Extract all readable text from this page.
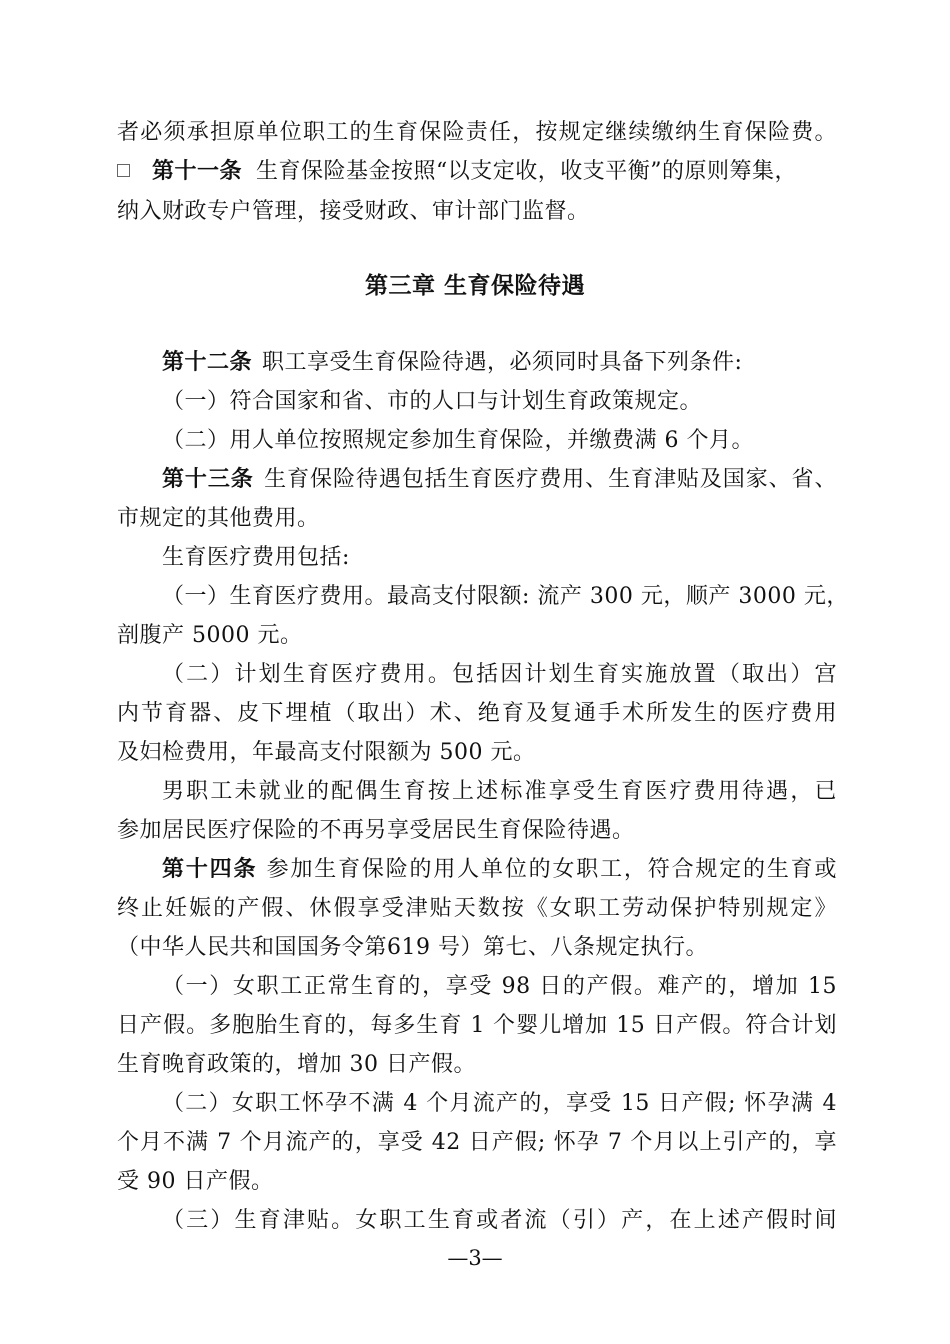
者必须承担原单位职工的生育保险责任，按规定继续缴纳生育保险费。
第十一条 生育保险基金按照“以支定收，收支平衡”的原则筹集，
纳入财政专户管理，接受财政、审计部门监督。
第三章 生育保险待遇
第十二条 职工享受生育保险待遇，必须同时具备下列条件:
（一）符合国家和省、市的人口与计划生育政策规定。
（二）用人单位按照规定参加生育保险，并缴费满 6 个月。
第十三条 生育保险待遇包括生育医疗费用、生育津贴及国家、省、
市规定的其他费用。
生育医疗费用包括:
（一）生育医疗费用。最高支付限额: 流产 300 元，顺产 3000 元，
剖腹产 5000 元。
（二）计划生育医疗费用。包括因计划生育实施放置（取出）宫
内节育器、皮下埋植（取出）术、绝育及复通手术所发生的医疗费用
及妇检费用，年最高支付限额为 500 元。
男职工未就业的配偶生育按上述标准享受生育医疗费用待遇，已
参加居民医疗保险的不再另享受居民生育保险待遇。
第十四条 参加生育保险的用人单位的女职工，符合规定的生育或
终止妊娠的产假、休假享受津贴天数按《女职工劳动保护特别规定》
（中华人民共和国国务令第619 号）第七、八条规定执行。
（一）女职工正常生育的，享受 98 日的产假。难产的，增加 15
日产假。多胞胎生育的，每多生育 1 个婴儿增加 15 日产假。符合计划
生育晚育政策的，增加 30 日产假。
（二）女职工怀孕不满 4 个月流产的，享受 15 日产假; 怀孕满 4
个月不满 7 个月流产的，享受 42 日产假; 怀孕 7 个月以上引产的，享
受 90 日产假。
（三）生育津贴。女职工生育或者流（引）产，在上述产假时间
—3—
